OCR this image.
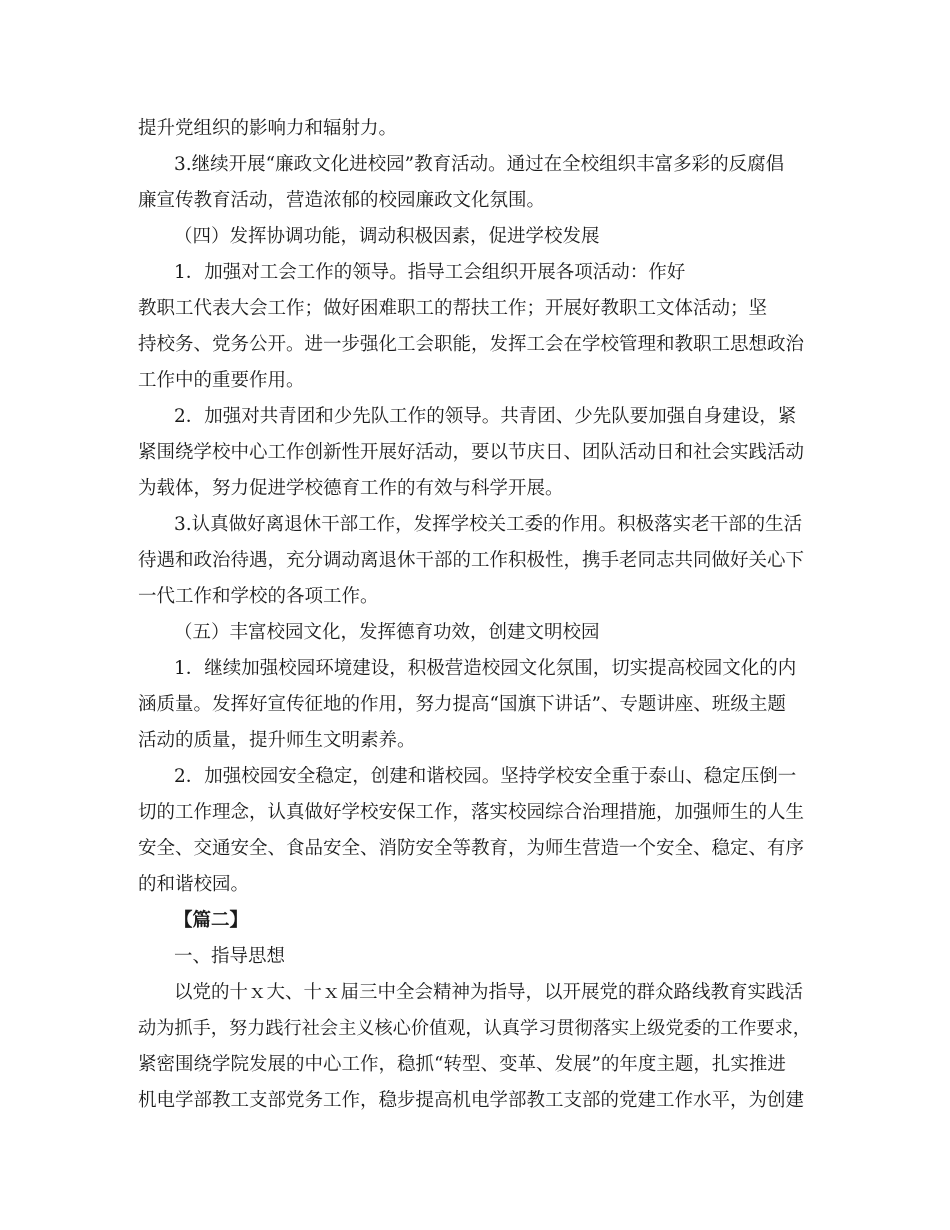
提升党组织的影响力和辐射力。
3.继续开展“廉政文化进校园”教育活动。通过在全校组织丰富多彩的反腐倡
廉宣传教育活动，营造浓郁的校园廉政文化氛围。
（四）发挥协调功能，调动积极因素，促进学校发展
1．加强对工会工作的领导。指导工会组织开展各项活动：作好
教职工代表大会工作；做好困难职工的帮扶工作；开展好教职工文体活动；坚
持校务、党务公开。进一步强化工会职能，发挥工会在学校管理和教职工思想政治
工作中的重要作用。
2．加强对共青团和少先队工作的领导。共青团、少先队要加强自身建设，紧
紧围绕学校中心工作创新性开展好活动，要以节庆日、团队活动日和社会实践活动
为载体，努力促进学校德育工作的有效与科学开展。
3.认真做好离退休干部工作，发挥学校关工委的作用。积极落实老干部的生活
待遇和政治待遇，充分调动离退休干部的工作积极性，携手老同志共同做好关心下
一代工作和学校的各项工作。
（五）丰富校园文化，发挥德育功效，创建文明校园
1．继续加强校园环境建设，积极营造校园文化氛围，切实提高校园文化的内
涵质量。发挥好宣传征地的作用，努力提高“国旗下讲话”、专题讲座、班级主题
活动的质量，提升师生文明素养。
2．加强校园安全稳定，创建和谐校园。坚持学校安全重于泰山、稳定压倒一
切的工作理念，认真做好学校安保工作，落实校园综合治理措施，加强师生的人生
安全、交通安全、食品安全、消防安全等教育，为师生营造一个安全、稳定、有序
的和谐校园。
【篇二】
一、指导思想
以党的十ｘ大、十ｘ届三中全会精神为指导，以开展党的群众路线教育实践活
动为抓手，努力践行社会主义核心价值观，认真学习贯彻落实上级党委的工作要求，
紧密围绕学院发展的中心工作，稳抓“转型、变革、发展”的年度主题，扎实推进
机电学部教工支部党务工作，稳步提高机电学部教工支部的党建工作水平，为创建
